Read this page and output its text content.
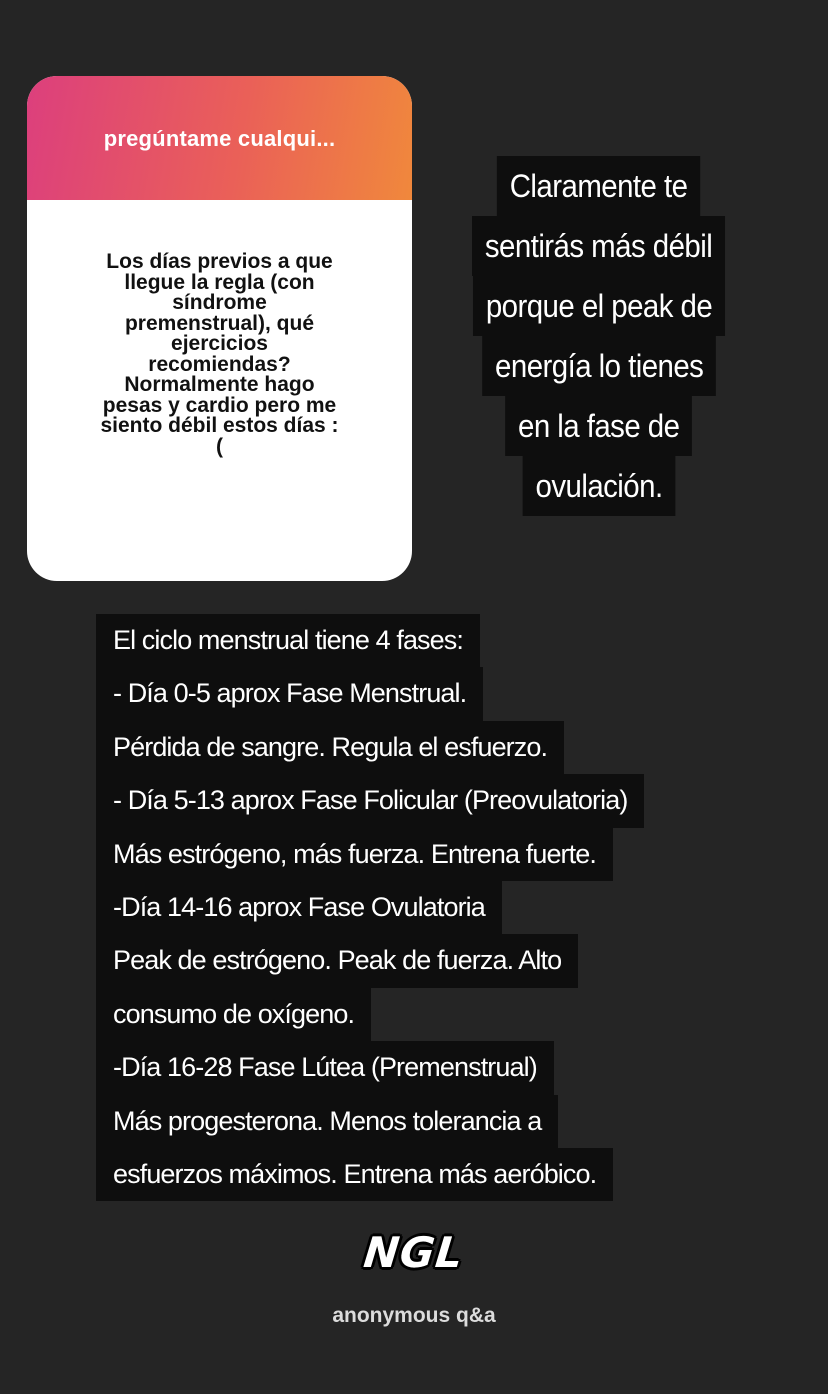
pregúntame cualqui...

Los días previos a que
llegue la regla (con
síndrome
premenstrual), qué
ejercicios
recomiendas?
Normalmente hago
pesas y cardio pero me
siento débil estos días :
(

Claramente te
sentirás más débil
porque el peak de
energía lo tienes
en la fase de
ovulación.
El ciclo menstrual tiene 4 fases:
- Día 0-5 aprox Fase Menstrual.
Pérdida de sangre. Regula el esfuerzo.
- Día 5-13 aprox Fase Folicular (Preovulatoria)
Más estrógeno, más fuerza. Entrena fuerte.
-Día 14-16 aprox Fase Ovulatoria
Peak de estrógeno. Peak de fuerza. Alto
consumo de oxígeno.
-Día 16-28 Fase Lútea (Premenstrual)
Más progesterona. Menos tolerancia a
esfuerzos máximos. Entrena más aeróbico.
NGL
anonymous q&a
